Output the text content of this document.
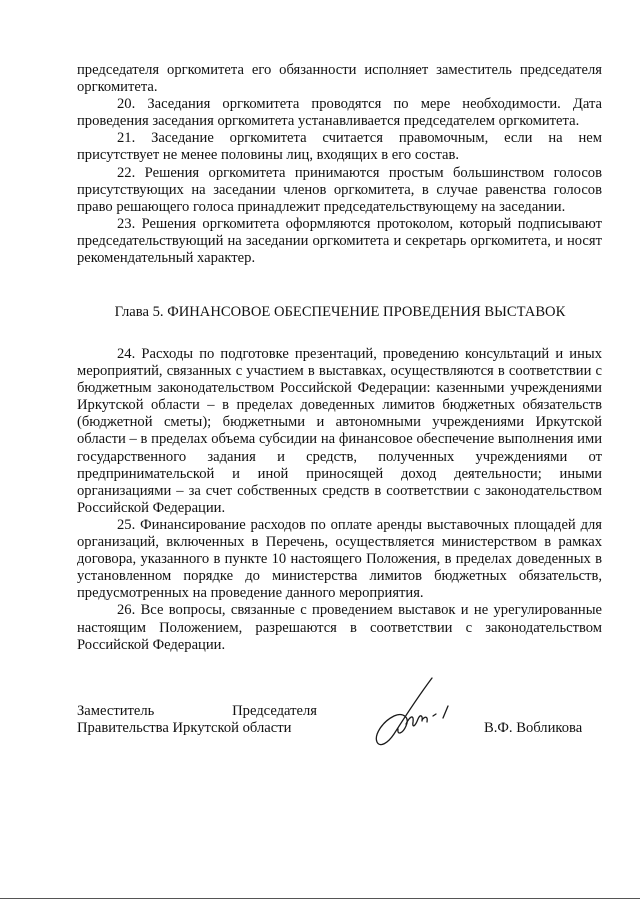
председателя оргкомитета его обязанности исполняет заместитель председателя оргкомитета.

20. Заседания оргкомитета проводятся по мере необходимости. Дата проведения заседания оргкомитета устанавливается председателем оргкомитета.

21. Заседание оргкомитета считается правомочным, если на нем присутствует не менее половины лиц, входящих в его состав.

22. Решения оргкомитета принимаются простым большинством голосов присутствующих на заседании членов оргкомитета, в случае равенства голосов право решающего голоса принадлежит председательствующему на заседании.

23. Решения оргкомитета оформляются протоколом, который подписывают председательствующий на заседании оргкомитета и секретарь оргкомитета, и носят рекомендательный характер.

Глава 5. ФИНАНСОВОЕ ОБЕСПЕЧЕНИЕ ПРОВЕДЕНИЯ ВЫСТАВОК

24. Расходы по подготовке презентаций, проведению консультаций и иных мероприятий, связанных с участием в выставках, осуществляются в соответствии с бюджетным законодательством Российской Федерации: казенными учреждениями Иркутской области – в пределах доведенных лимитов бюджетных обязательств (бюджетной сметы); бюджетными и автономными учреждениями Иркутской области – в пределах объема субсидии на финансовое обеспечение выполнения ими государственного задания и средств, полученных учреждениями от предпринимательской и иной приносящей доход деятельности; иными организациями – за счет собственных средств в соответствии с законодательством Российской Федерации.

25. Финансирование расходов по оплате аренды выставочных площадей для организаций, включенных в Перечень, осуществляется министерством в рамках договора, указанного в пункте 10 настоящего Положения, в пределах доведенных в установленном порядке до министерства лимитов бюджетных обязательств, предусмотренных на проведение данного мероприятия.

26. Все вопросы, связанные с проведением выставок и не урегулированные настоящим Положением, разрешаются в соответствии с законодательством Российской Федерации.

Заместитель	Председателя
Правительства Иркутской области	В.Ф. Вобликова
